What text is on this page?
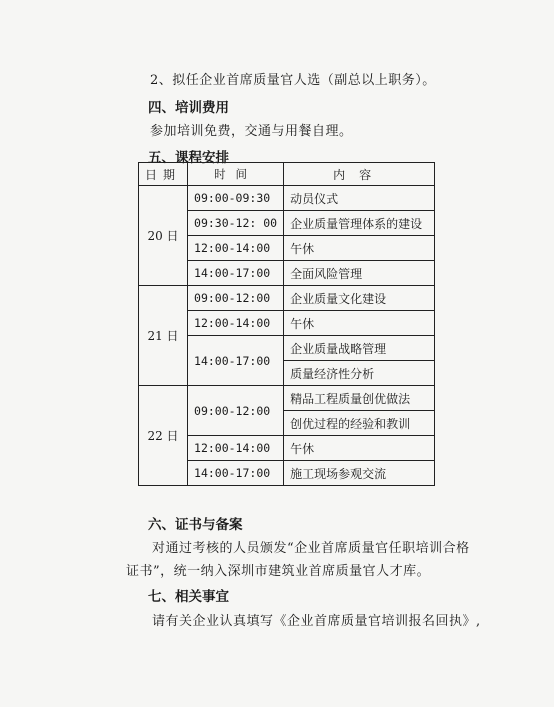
2、拟任企业首席质量官人选（副总以上职务）。
四、培训费用
参加培训免费，交通与用餐自理。
五、课程安排
日期	时间	内容
20 日	09:00-09:30	动员仪式
	09:30-12: 00	企业质量管理体系的建设
	12:00-14:00	午休
	14:00-17:00	全面风险管理
21 日	09:00-12:00	企业质量文化建设
	12:00-14:00	午休
	14:00-17:00	企业质量战略管理
		质量经济性分析
22 日	09:00-12:00	精品工程质量创优做法
		创优过程的经验和教训
	12:00-14:00	午休
	14:00-17:00	施工现场参观交流
六、证书与备案
对通过考核的人员颁发“企业首席质量官任职培训合格
证书”，统一纳入深圳市建筑业首席质量官人才库。
七、相关事宜
请有关企业认真填写《企业首席质量官培训报名回执》,
